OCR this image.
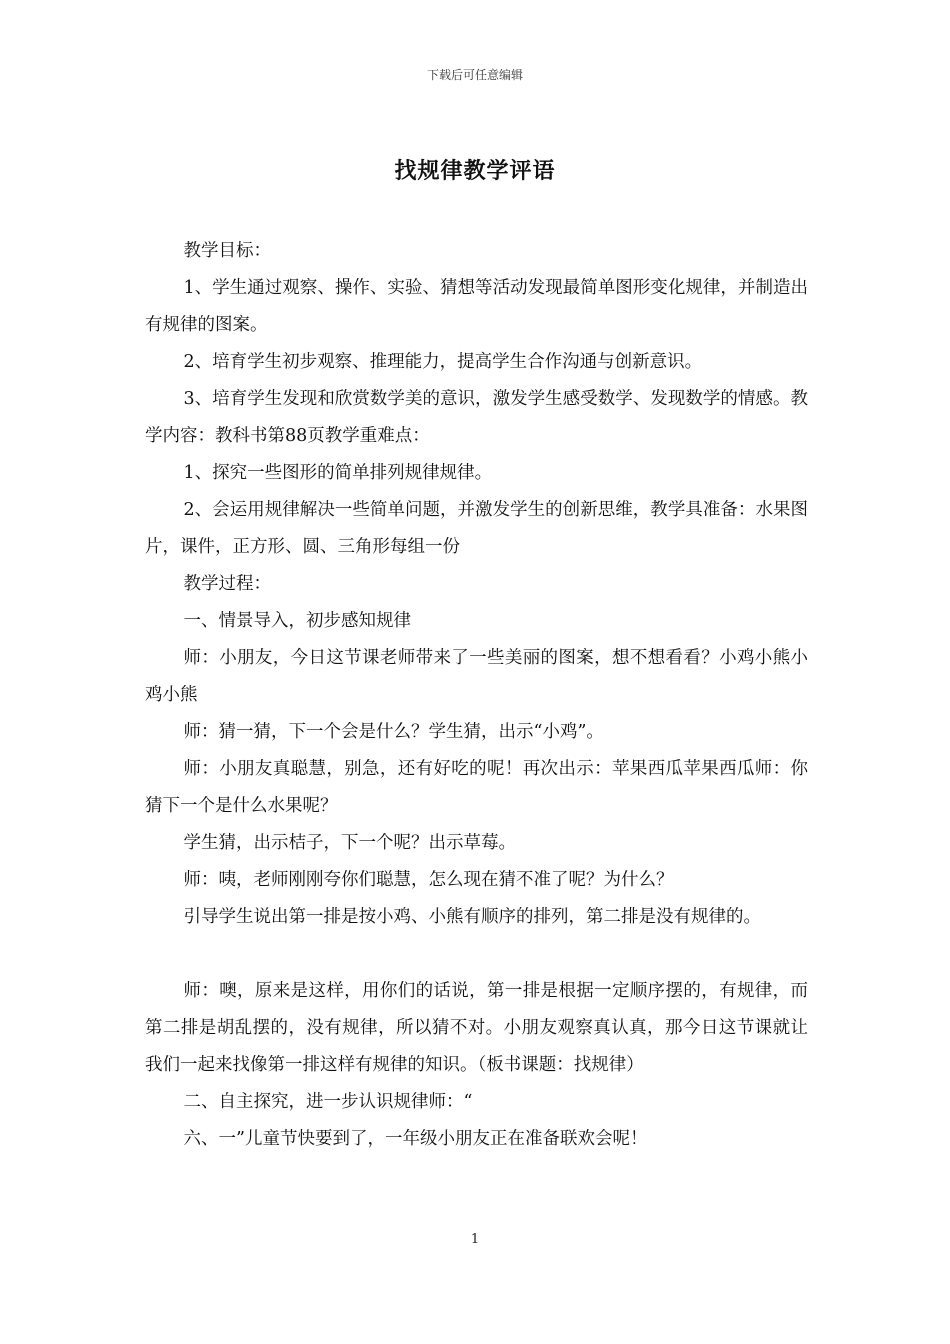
下载后可任意编辑
找规律教学评语

教学目标：

1、学生通过观察、操作、实验、猜想等活动发现最简单图形变化规律，并制造出有规律的图案。

2、培育学生初步观察、推理能力，提高学生合作沟通与创新意识。

3、培育学生发现和欣赏数学美的意识，激发学生感受数学、发现数学的情感。教学内容：教科书第88页教学重难点：

1、探究一些图形的简单排列规律规律。

2、会运用规律解决一些简单问题，并激发学生的创新思维，教学具准备：水果图片，课件，正方形、圆、三角形每组一份

教学过程：

一、情景导入，初步感知规律

师：小朋友，今日这节课老师带来了一些美丽的图案，想不想看看？小鸡小熊小鸡小熊

师：猜一猜，下一个会是什么？学生猜，出示“小鸡”。

师：小朋友真聪慧，别急，还有好吃的呢！再次出示：苹果西瓜苹果西瓜师：你猜下一个是什么水果呢？

学生猜，出示桔子，下一个呢？出示草莓。

师：咦，老师刚刚夸你们聪慧，怎么现在猜不准了呢？为什么？

引导学生说出第一排是按小鸡、小熊有顺序的排列，第二排是没有规律的。

师：噢，原来是这样，用你们的话说，第一排是根据一定顺序摆的，有规律，而第二排是胡乱摆的，没有规律，所以猜不对。小朋友观察真认真，那今日这节课就让我们一起来找像第一排这样有规律的知识。（板书课题：找规律）

二、自主探究，进一步认识规律师：“

六、一”儿童节快要到了，一年级小朋友正在准备联欢会呢！

1
